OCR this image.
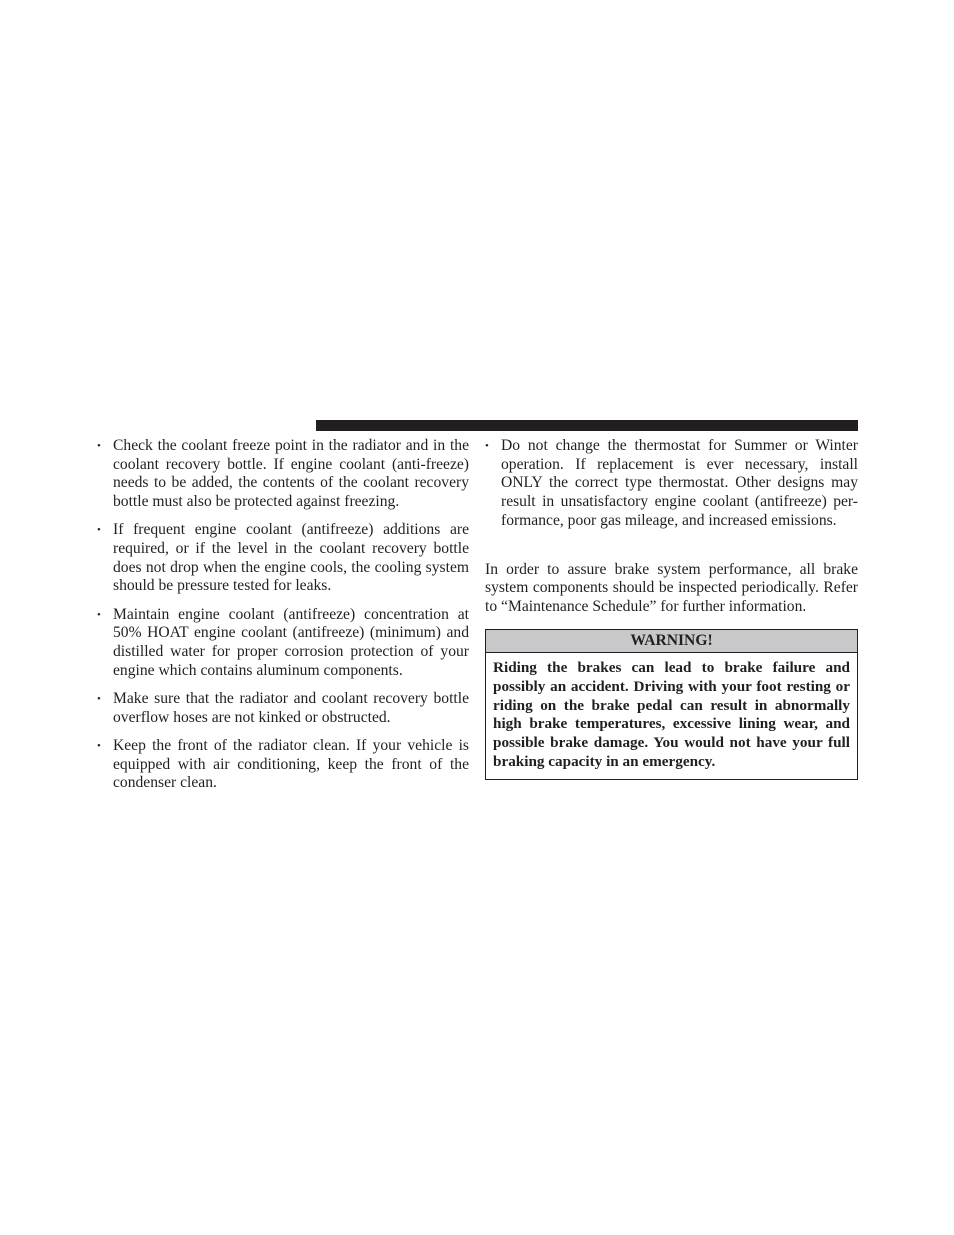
• Check the coolant freeze point in the radiator and in the coolant recovery bottle. If engine coolant (anti-freeze) needs to be added, the contents of the coolant recovery bottle must also be protected against freezing.
• If frequent engine coolant (antifreeze) additions are required, or if the level in the coolant recovery bottle does not drop when the engine cools, the cooling system should be pressure tested for leaks.
• Maintain engine coolant (antifreeze) concentration at 50% HOAT engine coolant (antifreeze) (minimum) and distilled water for proper corrosion protection of your engine which contains aluminum components.
• Make sure that the radiator and coolant recovery bottle overflow hoses are not kinked or obstructed.
• Keep the front of the radiator clean. If your vehicle is equipped with air conditioning, keep the front of the condenser clean.
• Do not change the thermostat for Summer or Winter operation. If replacement is ever necessary, install ONLY the correct type thermostat. Other designs may result in unsatisfactory engine coolant (antifreeze) per-formance, poor gas mileage, and increased emissions.

In order to assure brake system performance, all brake system components should be inspected periodically. Refer to “Maintenance Schedule” for further information.

WARNING!
Riding the brakes can lead to brake failure and possibly an accident. Driving with your foot resting or riding on the brake pedal can result in abnormally high brake temperatures, excessive lining wear, and possible brake damage. You would not have your full braking capacity in an emergency.
